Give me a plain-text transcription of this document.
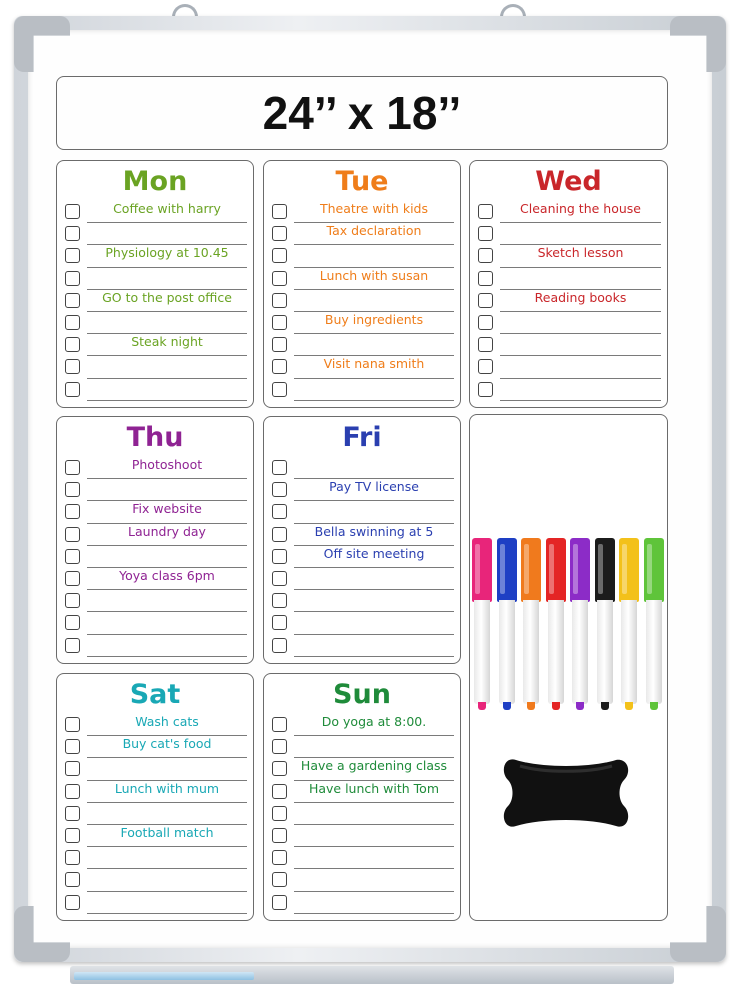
24’’ x 18’’
Mon
Coffee with harry
Physiology at 10.45
GO to the post office
Steak night
Tue
Theatre with kids
Tax declaration
Lunch with susan
Buy ingredients
Visit nana smith
Wed
Cleaning the house
Sketch lesson
Reading books
Thu
Photoshoot
Fix website
Laundry day
Yoya class 6pm
Fri
Pay TV license
Bella swinning at 5
Off site meeting
Sat
Wash cats
Buy cat's food
Lunch with mum
Football match
Sun
Do yoga at 8:00.
Have a gardening class
Have lunch with Tom
